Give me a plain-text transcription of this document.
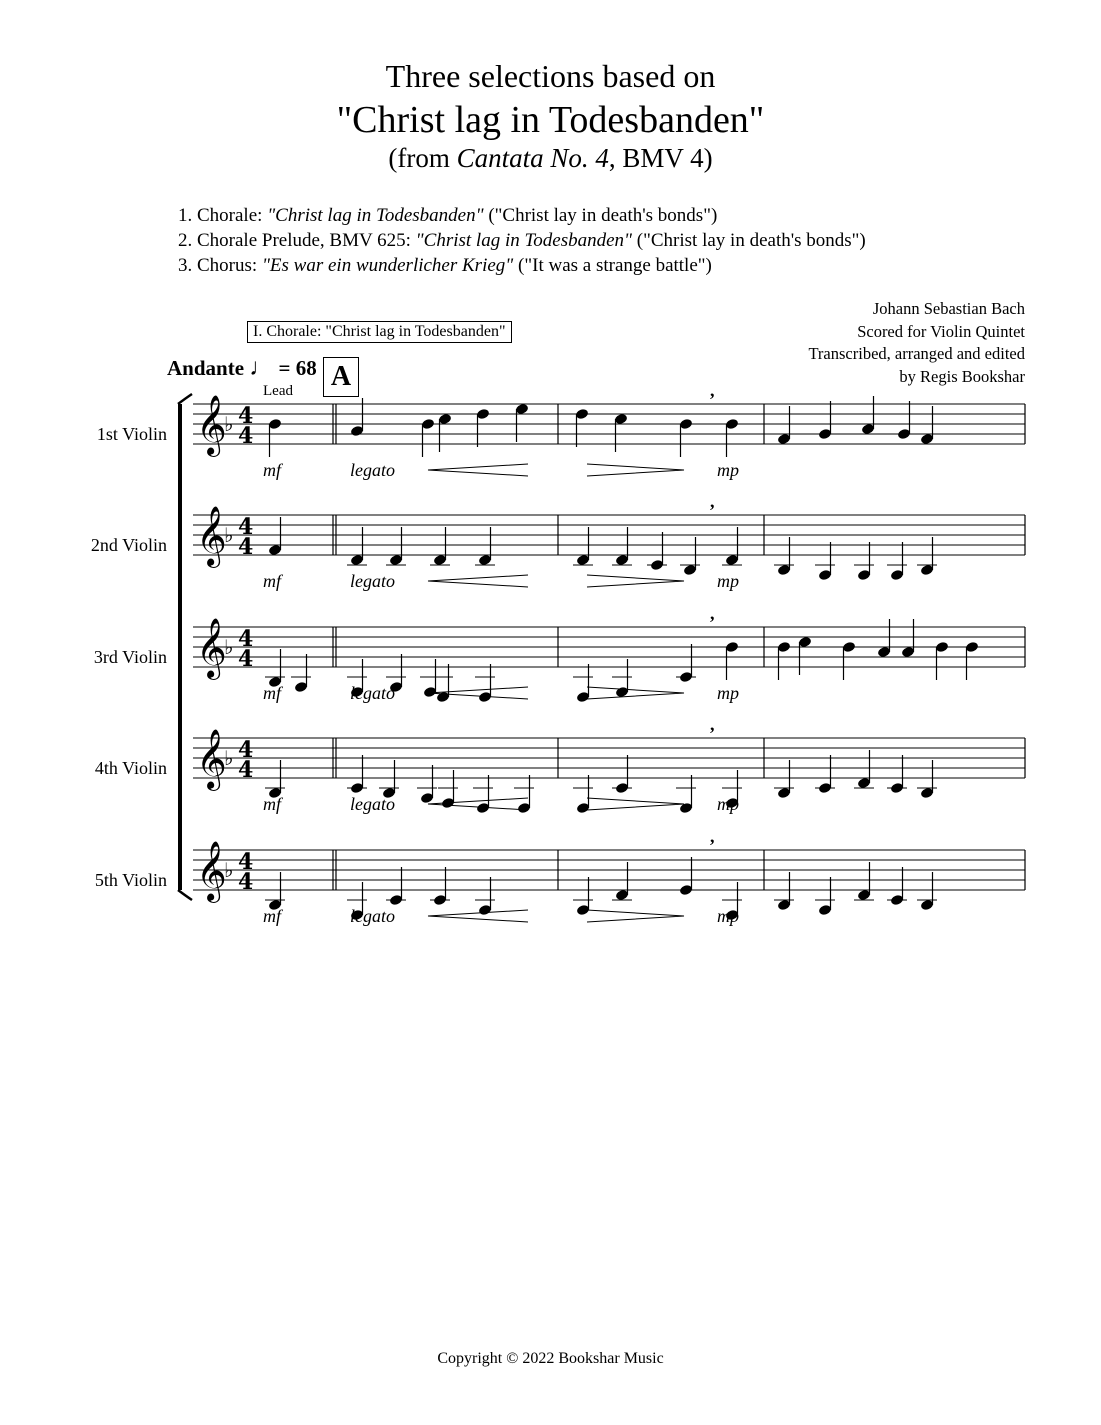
Three selections based on
"Christ lag in Todesbanden"
(from Cantata No. 4, BMV 4)
1. Chorale: "Christ lag in Todesbanden" ("Christ lay in death's bonds")
2. Chorale Prelude, BMV 625: "Christ lag in Todesbanden" ("Christ lay in death's bonds")
3. Chorus: "Es war ein wunderlicher Krieg" ("It was a strange battle")
Johann Sebastian Bach
Scored for Violin Quintet
Transcribed, arranged and edited
by Regis Bookshar
I. Chorale: "Christ lag in Todesbanden"
Andante ♩ = 68
Lead A
1st Violin
2nd Violin
3rd Violin
4th Violin
5th Violin
𝄞
♭ 4
4
,
𝄞
♭ 4
4
,
𝄞
♭ 4
4
,
𝄞
♭ 4
4
,
𝄞
♭ 4
4
,
mf	legato	mp
mf	legato	mp
mf	legato	mp
mf	legato	mp
mf	legato	mp
Copyright © 2022 Bookshar Music
